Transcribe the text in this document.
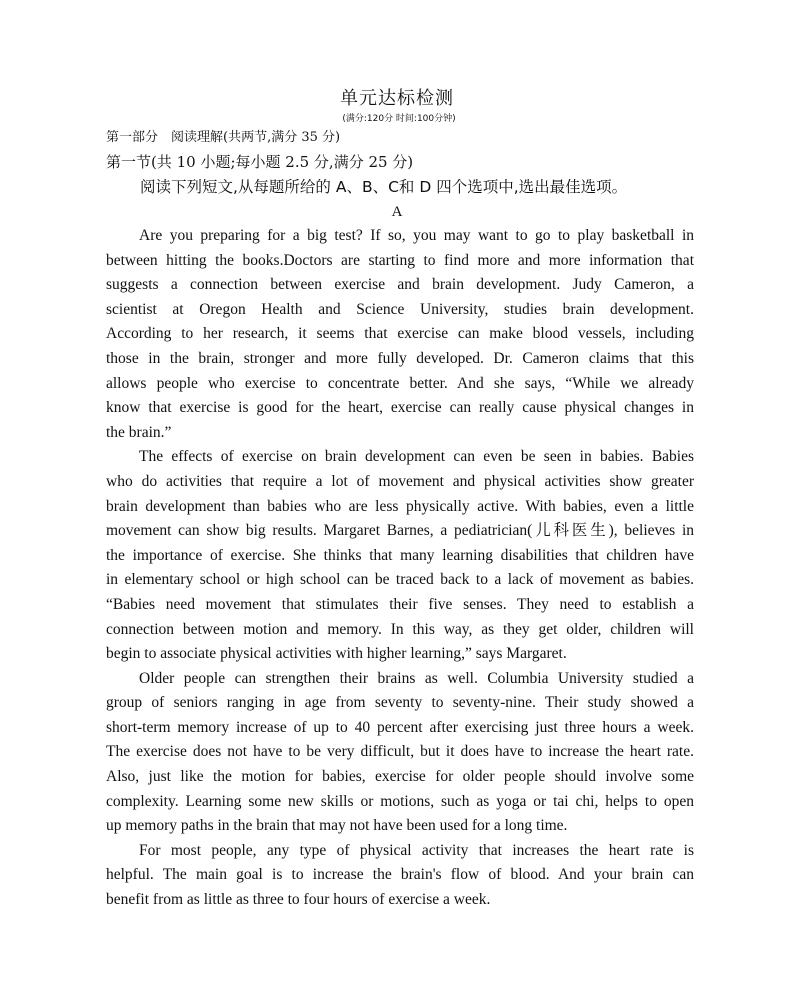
单元达标检测
(满分:120分 时间:100分钟)
第一部分　阅读理解(共两节,满分 35 分)
第一节(共 10 小题;每小题 2.5 分,满分 25 分)
阅读下列短文,从每题所给的 A、B、C和 D 四个选项中,选出最佳选项。
A
Are you preparing for a big test? If so, you may want to go to play basketball in
between hitting the books.Doctors are starting to find more and more information that
suggests a connection between exercise and brain development. Judy Cameron, a
scientist at Oregon Health and Science University, studies brain development.
According to her research, it seems that exercise can make blood vessels, including
those in the brain, stronger and more fully developed. Dr. Cameron claims that this
allows people who exercise to concentrate better. And she says, “While we already
know that exercise is good for the heart, exercise can really cause physical changes in
the brain.”
The effects of exercise on brain development can even be seen in babies. Babies
who do activities that require a lot of movement and physical activities show greater
brain development than babies who are less physically active. With babies, even a little
movement can show big results. Margaret Barnes, a pediatrician(儿科医生), believes in
the importance of exercise. She thinks that many learning disabilities that children have
in elementary school or high school can be traced back to a lack of movement as babies.
“Babies need movement that stimulates their five senses. They need to establish a
connection between motion and memory. In this way, as they get older, children will
begin to associate physical activities with higher learning,” says Margaret.
Older people can strengthen their brains as well. Columbia University studied a
group of seniors ranging in age from seventy to seventy-nine. Their study showed a
short-term memory increase of up to 40 percent after exercising just three hours a week.
The exercise does not have to be very difficult, but it does have to increase the heart rate.
Also, just like the motion for babies, exercise for older people should involve some
complexity. Learning some new skills or motions, such as yoga or tai chi, helps to open
up memory paths in the brain that may not have been used for a long time.
For most people, any type of physical activity that increases the heart rate is
helpful. The main goal is to increase the brain's flow of blood. And your brain can
benefit from as little as three to four hours of exercise a week.
